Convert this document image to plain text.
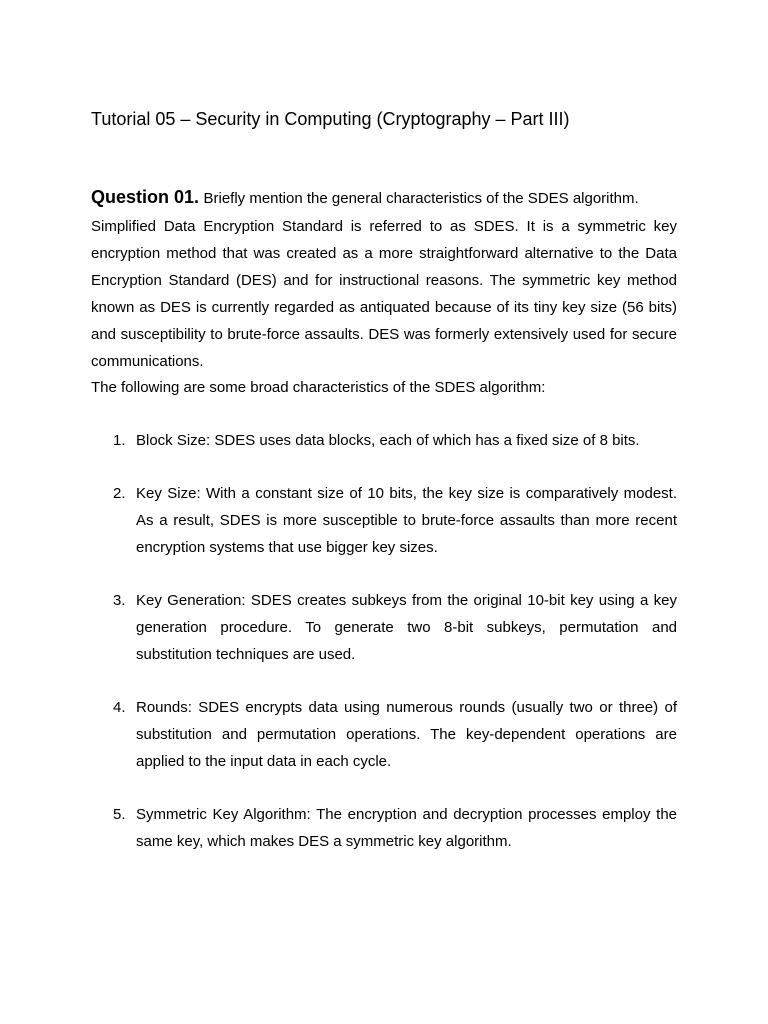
Tutorial 05 – Security in Computing (Cryptography – Part III)
Question 01. Briefly mention the general characteristics of the SDES algorithm.

Simplified Data Encryption Standard is referred to as SDES. It is a symmetric key encryption method that was created as a more straightforward alternative to the Data Encryption Standard (DES) and for instructional reasons. The symmetric key method known as DES is currently regarded as antiquated because of its tiny key size (56 bits) and susceptibility to brute-force assaults. DES was formerly extensively used for secure communications.

The following are some broad characteristics of the SDES algorithm:

1. Block Size: SDES uses data blocks, each of which has a fixed size of 8 bits.
2. Key Size: With a constant size of 10 bits, the key size is comparatively modest. As a result, SDES is more susceptible to brute-force assaults than more recent encryption systems that use bigger key sizes.
3. Key Generation: SDES creates subkeys from the original 10-bit key using a key generation procedure. To generate two 8-bit subkeys, permutation and substitution techniques are used.
4. Rounds: SDES encrypts data using numerous rounds (usually two or three) of substitution and permutation operations. The key-dependent operations are applied to the input data in each cycle.
5. Symmetric Key Algorithm: The encryption and decryption processes employ the same key, which makes DES a symmetric key algorithm.
